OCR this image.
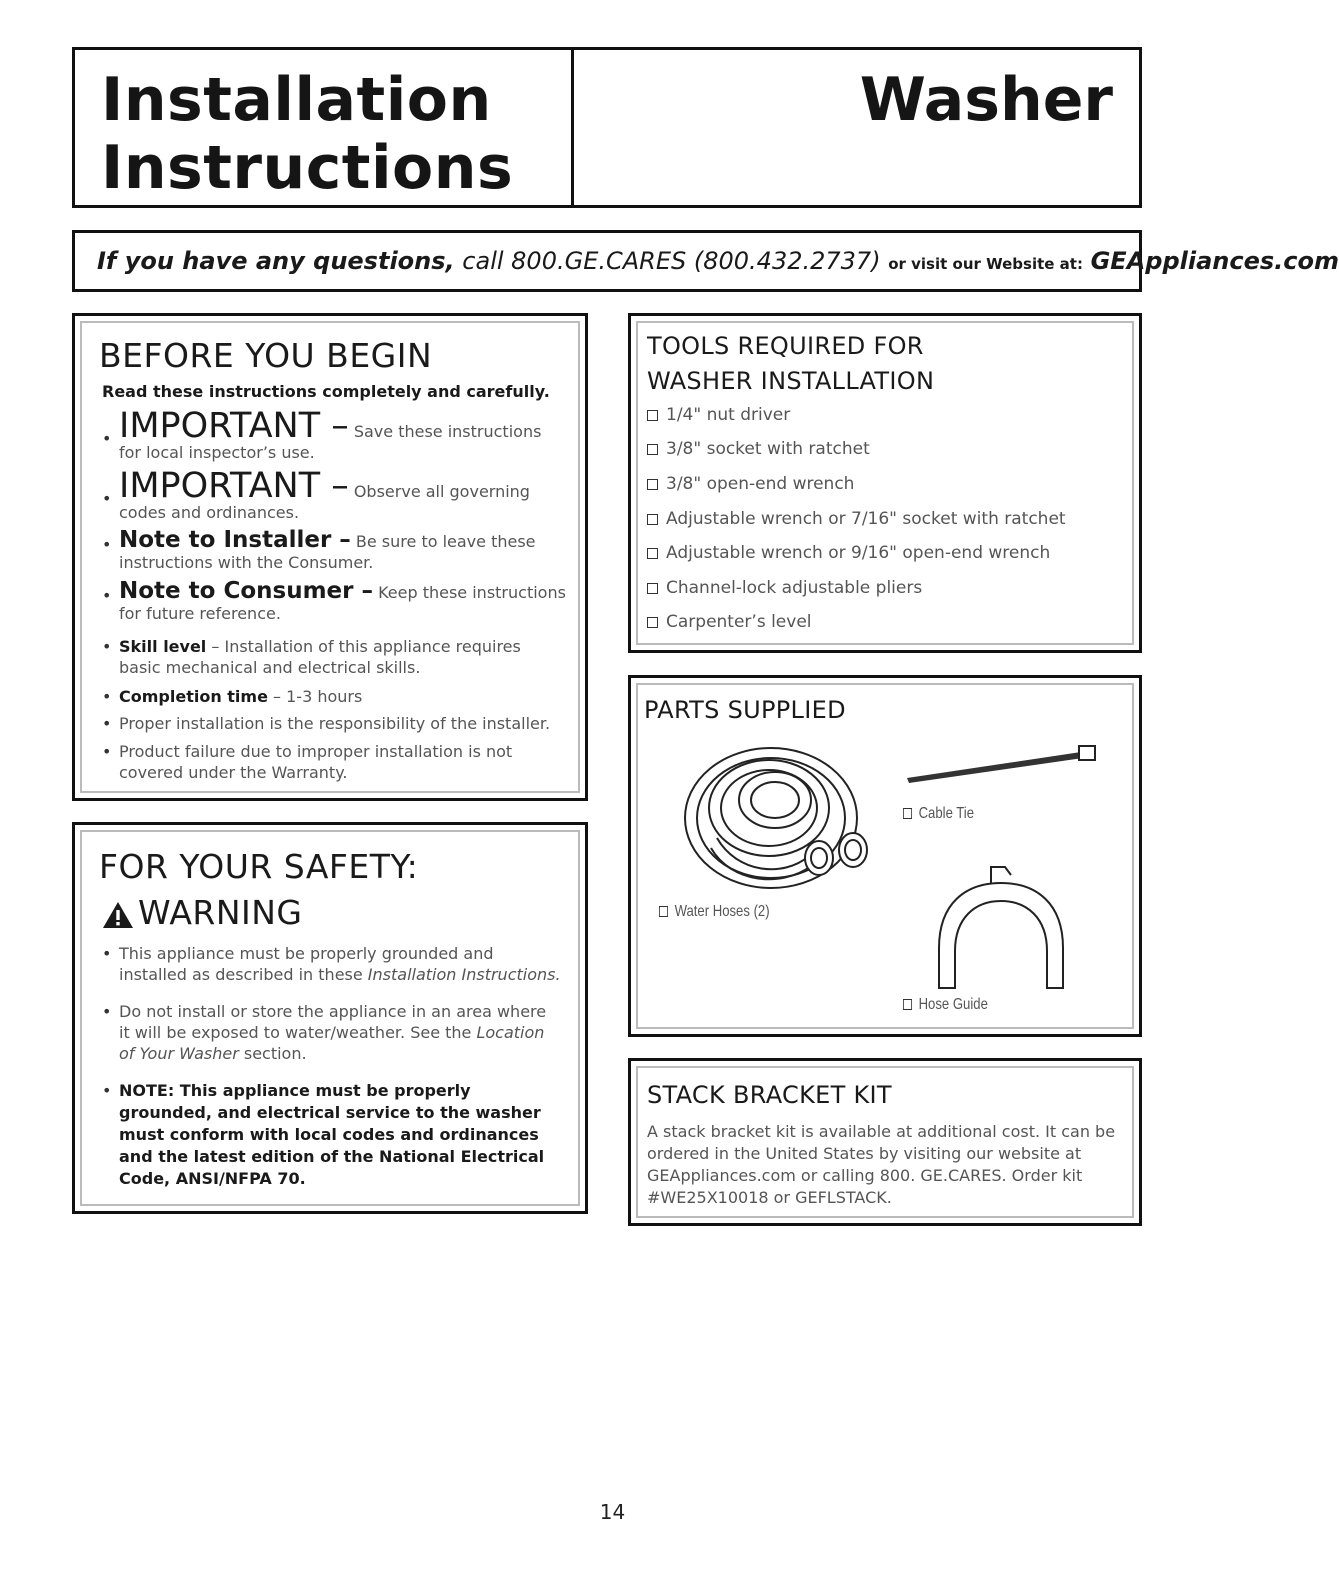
Installation
Instructions
Washer
If you have any questions, call 800.GE.CARES (800.432.2737) or visit our Website at: GEAppliances.com
BEFORE YOU BEGIN
Read these instructions completely and carefully.
• IMPORTANT – Save these instructions
for local inspector’s use.
• IMPORTANT – Observe all governing
codes and ordinances.
• Note to Installer – Be sure to leave these
instructions with the Consumer.
• Note to Consumer – Keep these instructions
for future reference.
• Skill level – Installation of this appliance requires
basic mechanical and electrical skills.
• Completion time – 1-3 hours
• Proper installation is the responsibility of the installer.
• Product failure due to improper installation is not
covered under the Warranty.
FOR YOUR SAFETY:
WARNING
• This appliance must be properly grounded and
installed as described in these Installation Instructions.
• Do not install or store the appliance in an area where
it will be exposed to water/weather. See the Location
of Your Washer section.
• NOTE: This appliance must be properly grounded, and electrical service to the washer must conform with local codes and ordinances and the latest edition of the National Electrical Code, ANSI/NFPA 70.
TOOLS REQUIRED FOR
WASHER INSTALLATION
1/4" nut driver
3/8" socket with ratchet
3/8" open-end wrench
Adjustable wrench or 7/16" socket with ratchet
Adjustable wrench or 9/16" open-end wrench
Channel-lock adjustable pliers
Carpenter’s level
PARTS SUPPLIED
Water Hoses (2)
Cable Tie
Hose Guide
STACK BRACKET KIT
A stack bracket kit is available at additional cost. It can be ordered in the United States by visiting our website at GEAppliances.com or calling 800. GE.CARES. Order kit #WE25X10018 or GEFLSTACK.
14
